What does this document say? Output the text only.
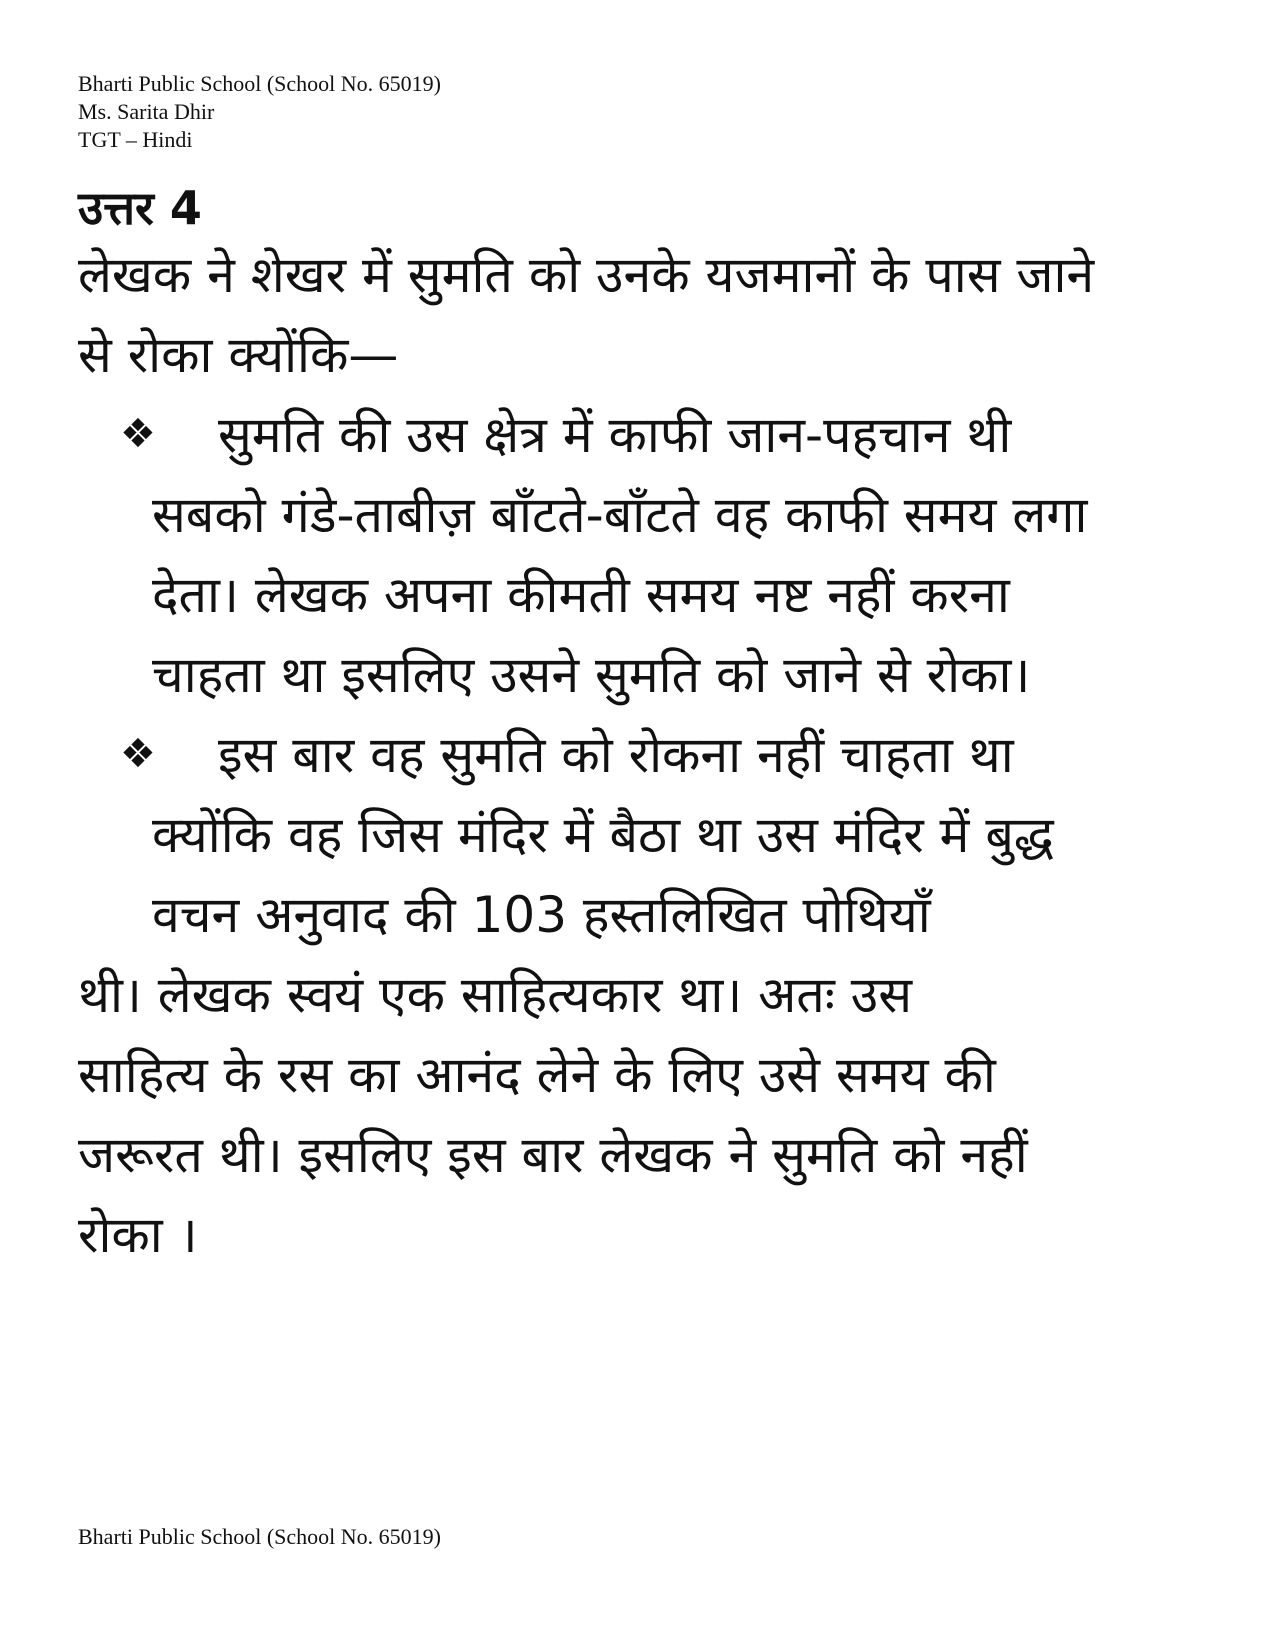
Bharti Public School (School No. 65019)
Ms. Sarita Dhir
TGT – Hindi
उत्तर 4
लेखक ने शेखर में सुमति को उनके यजमानों के पास जाने
से रोका क्योंकि—
❖ सुमति की उस क्षेत्र में काफी जान-पहचान थी
सबको गंडे-ताबीज़ बाँटते-बाँटते वह काफी समय लगा
देता। लेखक अपना कीमती समय नष्ट नहीं करना
चाहता था इसलिए उसने सुमति को जाने से रोका।
❖ इस बार वह सुमति को रोकना नहीं चाहता था
क्योंकि वह जिस मंदिर में बैठा था उस मंदिर में बुद्ध
वचन अनुवाद की 103 हस्तलिखित पोथियाँ
थी। लेखक स्वयं एक साहित्यकार था। अतः उस
साहित्य के रस का आनंद लेने के लिए उसे समय की
जरूरत थी। इसलिए इस बार लेखक ने सुमति को नहीं
रोका ।
Bharti Public School (School No. 65019)
